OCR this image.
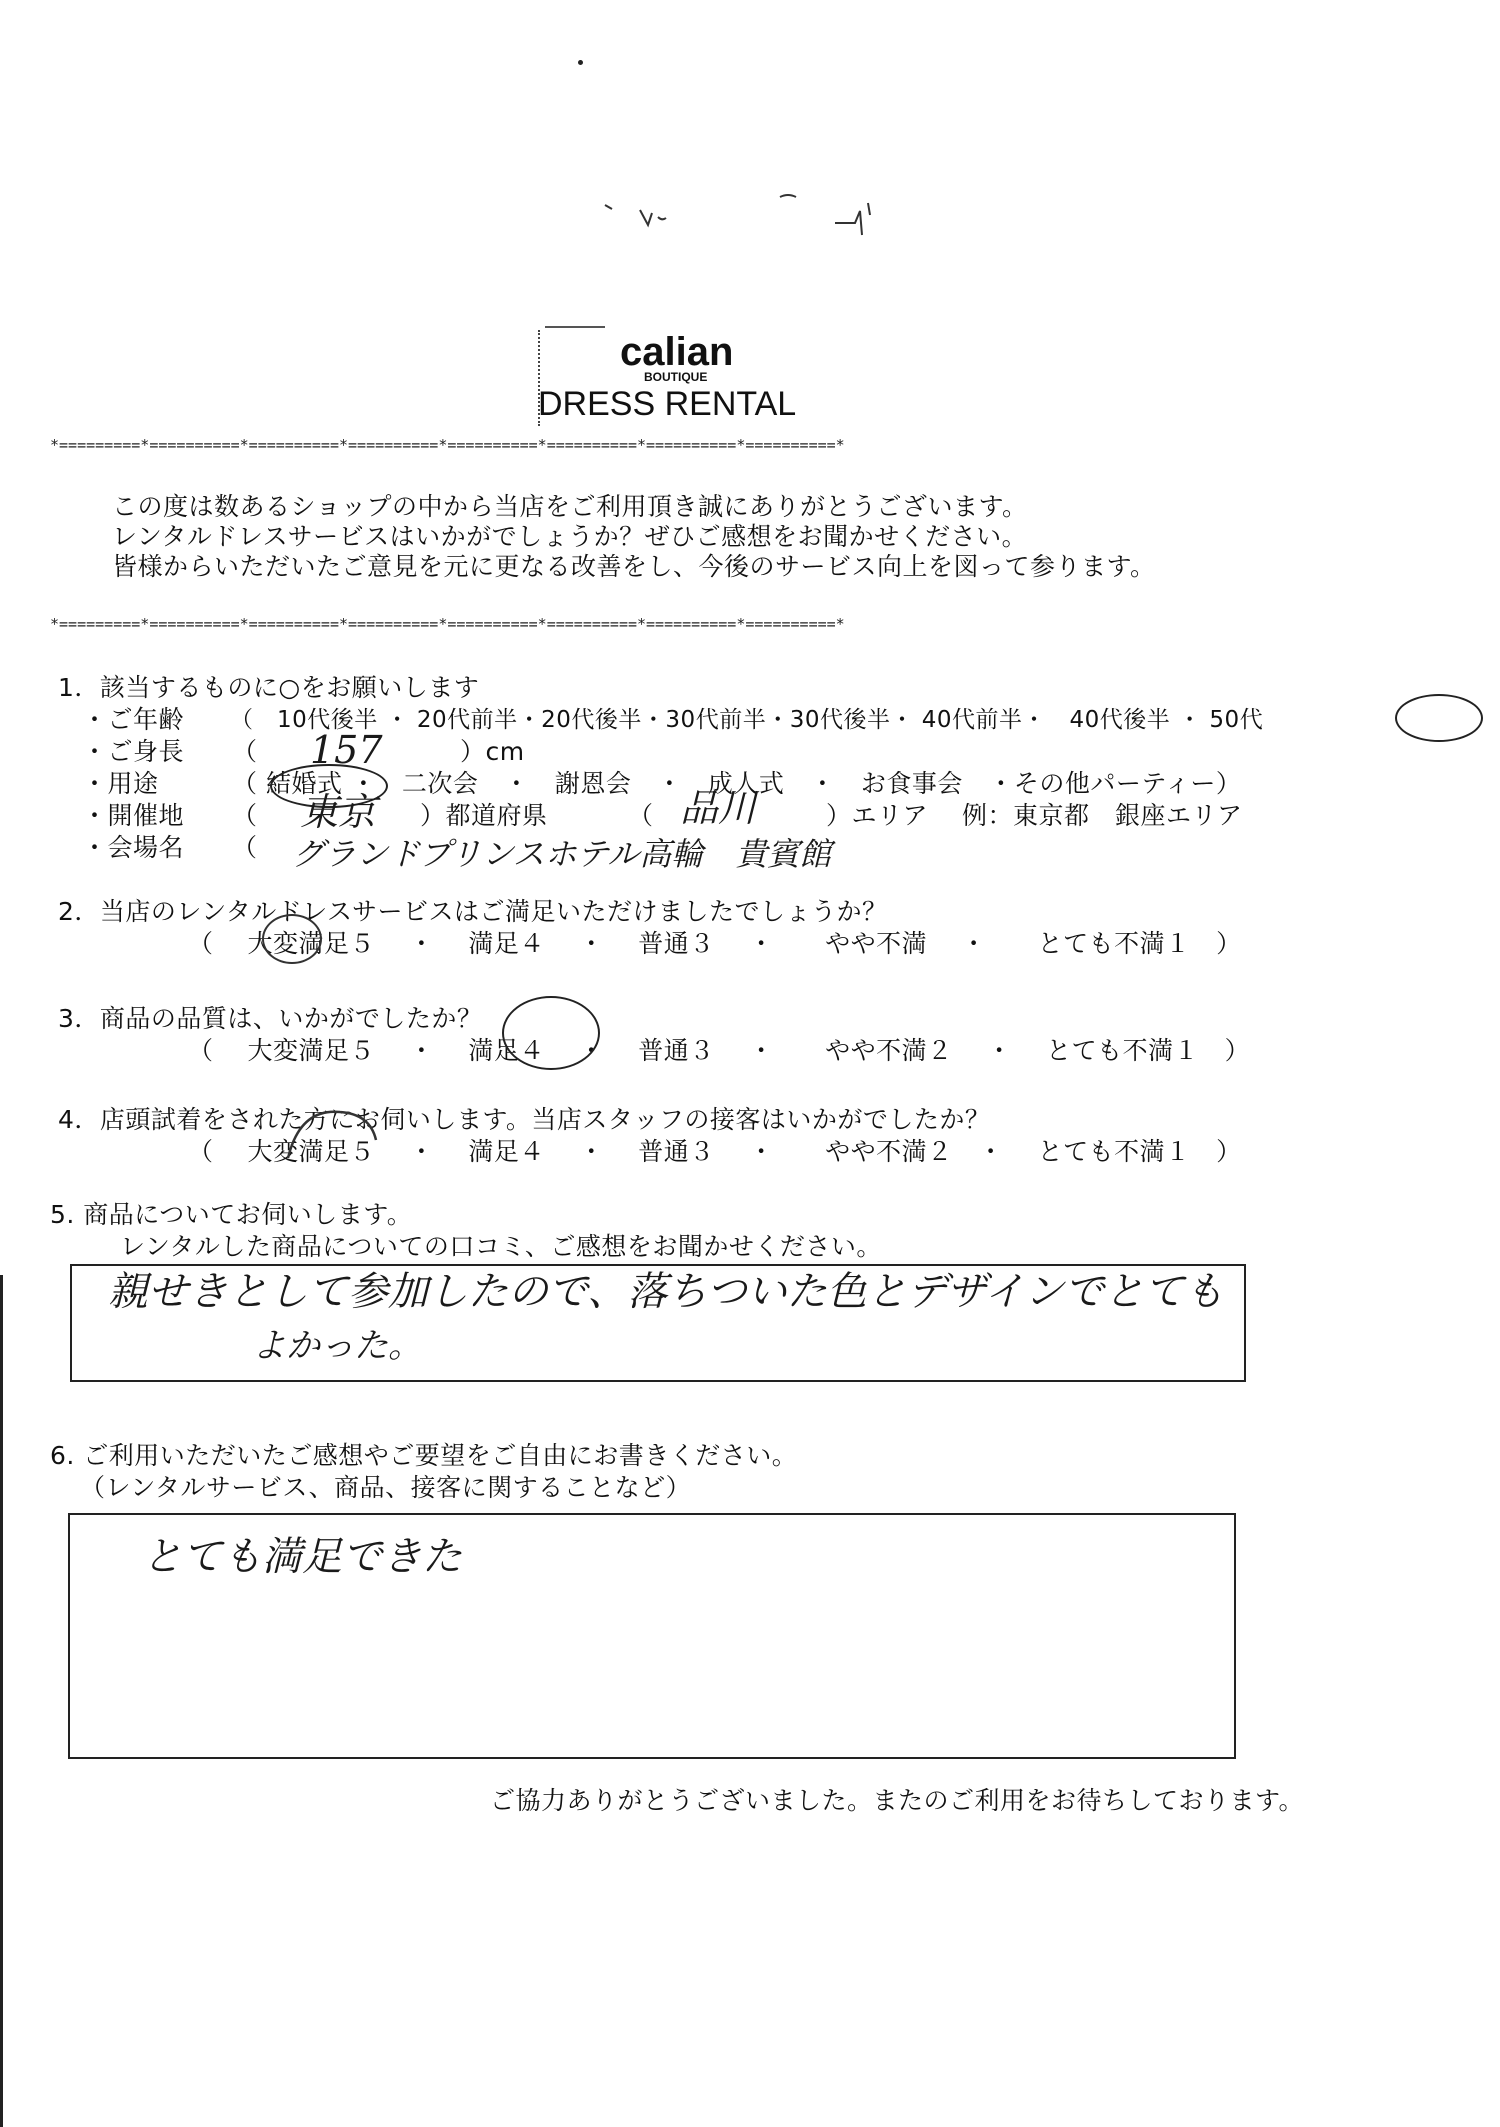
calian
BOUTIQUE
DRESS RENTAL
*=========*==========*==========*==========*==========*==========*==========*==========*
この度は数あるショップの中から当店をご利用頂き誠にありがとうございます。
レンタルドレスサービスはいかがでしょうか？ぜひご感想をお聞かせください。
皆様からいただいたご意見を元に更なる改善をし、今後のサービス向上を図って参ります。
*=========*==========*==========*==========*==========*==========*==========*==========*
1．該当するものに○をお願いします
・ご年齢 （　10代後半 ・ 20代前半・20代後半・30代前半・30代後半・ 40代前半・　40代後半 ・ 50代
・ご身長 （ 157	）cm
・用途	（ 結婚式 ・　二次会　・　謝恩会　・　成人式　・　お食事会　・その他パーティー）
・開催地 （ 東京 ）都道府県	（ 品川	）エリア　 例：東京都　銀座エリア
・会場名 （ グランドプリンスホテル高輪　貴賓館
2．当店のレンタルドレスサービスはご満足いただけましたでしょうか？
（　 大変満足５　 ・　 満足４　 ・　 普通３　 ・　　やや不満　 ・　　とても不満１　）
3．商品の品質は、いかがでしたか？
（　 大変満足５　 ・　 満足４　 ・　 普通３　 ・　　やや不満２　 ・　 とても不満１　）
4．店頭試着をされた方にお伺いします。当店スタッフの接客はいかがでしたか？
（　 大変満足５　 ・　 満足４　 ・　 普通３　 ・　　やや不満２　・　 とても不満１　）
5. 商品についてお伺いします。
レンタルした商品についての口コミ、ご感想をお聞かせください。
親せきとして参加したので、落ちついた色とデザインでとても
よかった。
6. ご利用いただいたご感想やご要望をご自由にお書きください。
（レンタルサービス、商品、接客に関することなど）
とても満足できた
ご協力ありがとうございました。またのご利用をお待ちしております。
